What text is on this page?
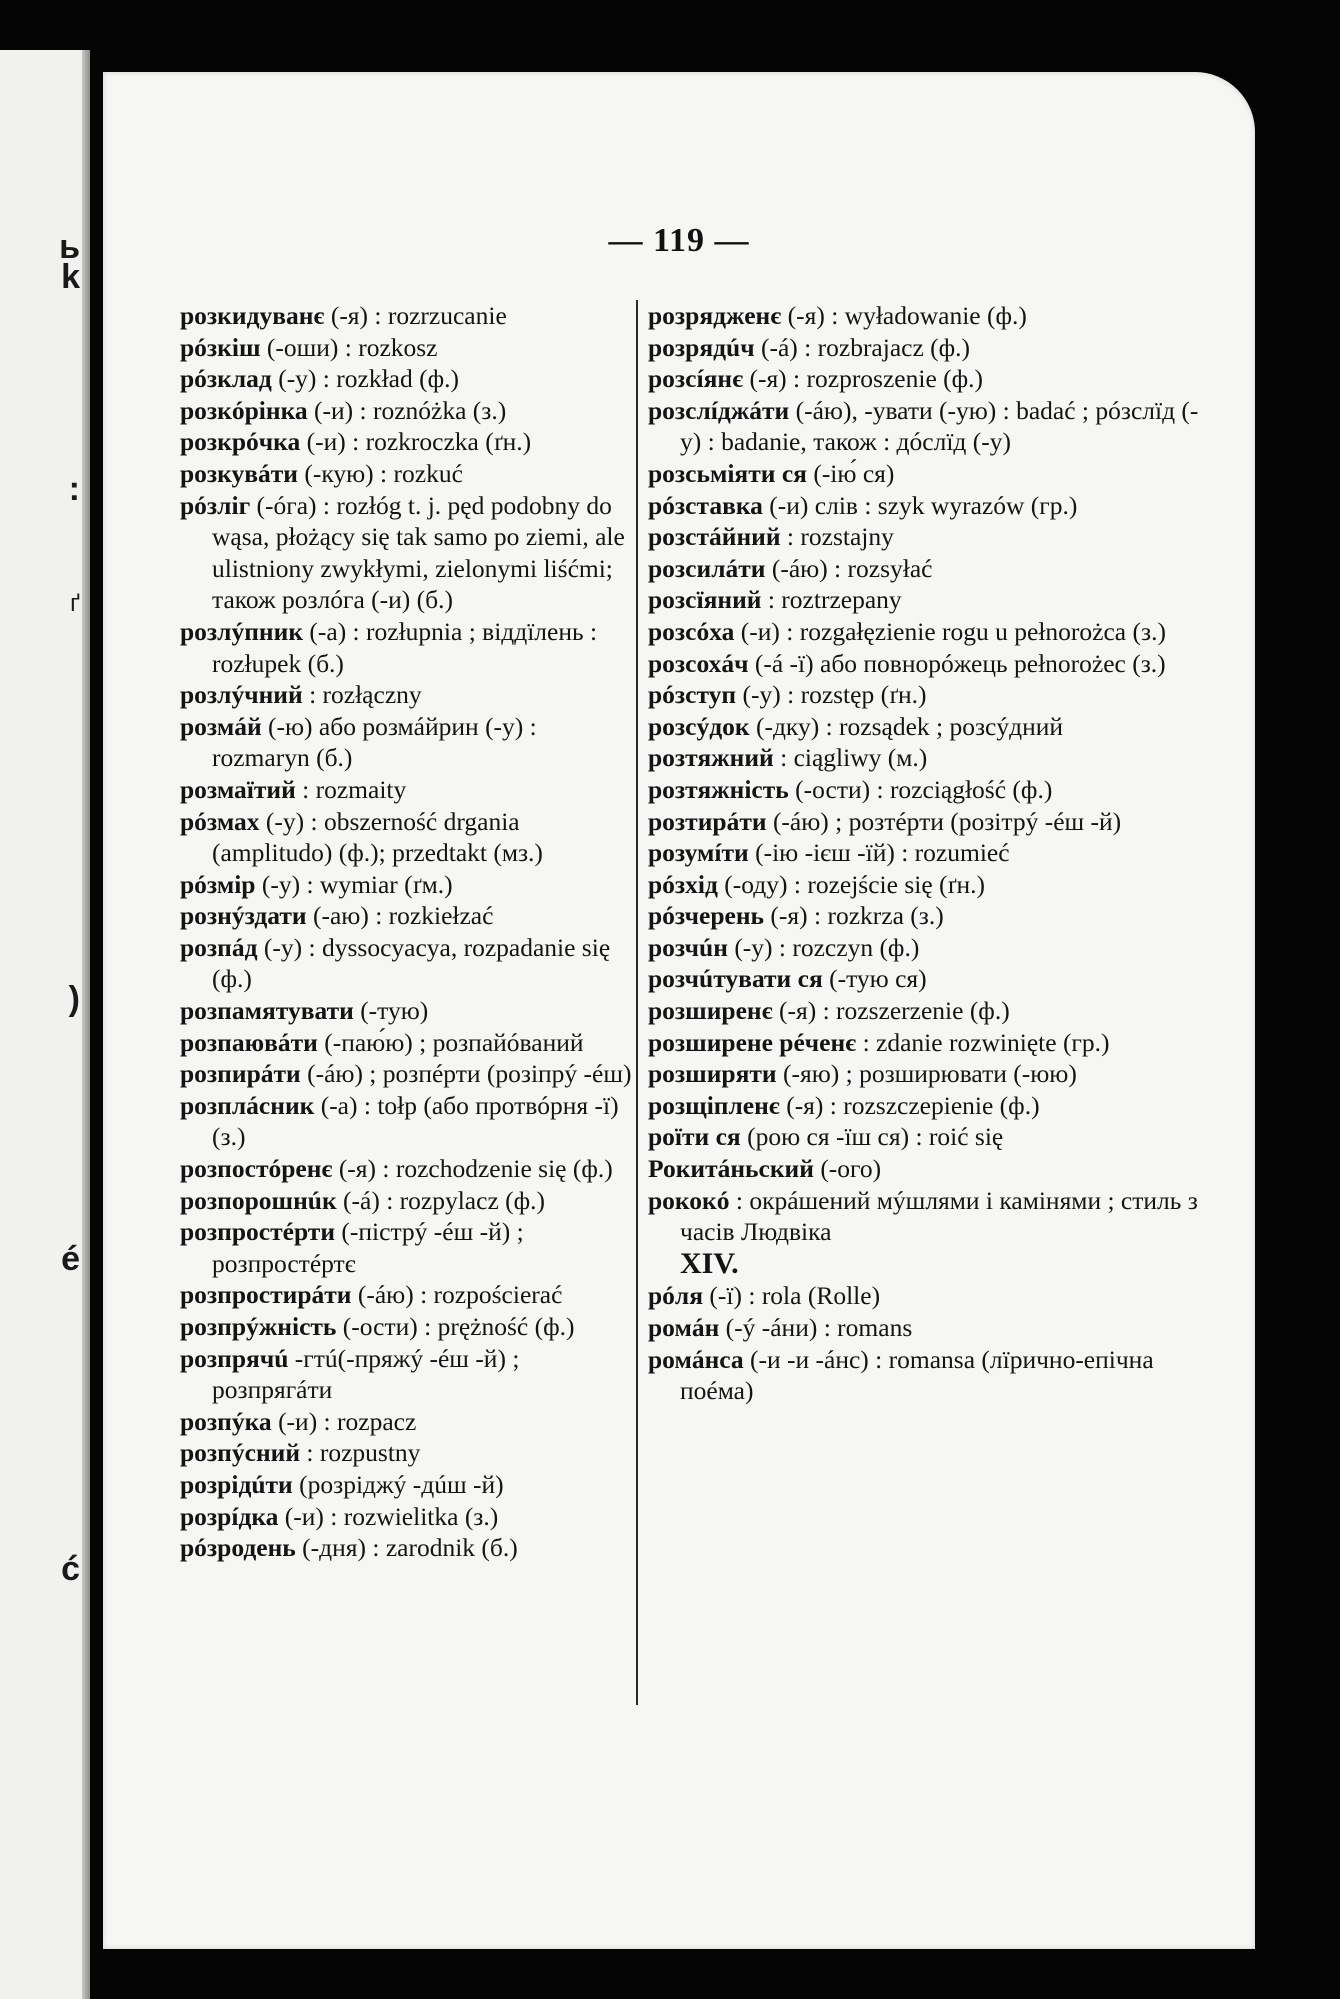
ь
k
:
ґ
)
é
ć
— 119 —

розкидуванє (-я) : rozrzucanie

рóзкіш (-оши) : rozkosz

рóзклад (-у) : rozkład (ф.)

розкóрінка (-и) : roznóżka (з.)

розкрóчка (-и) : rozkroczka (ґн.)

розкувáти (-кую) : rozkuć

рóзліг (-óга) : rozłóg t. j. pęd podobny do wąsa, płożący się tak samo po ziemi, ale ulistniony zwykłymi, zielonymi liśćmi; також розлóга (-и) (б.)

розлýпник (-а) : rozłupnia ; віддїлень : rozłupek (б.)

розлýчний : rozłączny

розмáй (-ю) або розмáйрин (-у) : rozmaryn (б.)

розмаїтий : rozmaity

рóзмах (-у) : obszerność drgania (amplitudo) (ф.); przedtakt (мз.)

рóзмір (-у) : wymiar (ґм.)

рознýздати (-аю) : rozkiełzać

розпáд (-у) : dyssocyacya, rozpadanie się (ф.)

розпамятувати (-тую)

розпаювáти (-паю́ю) ; розпайóваний

розпирáти (-áю) ; розпéрти (розіпрý -éш)

розплáсник (-а) : tołp (або протвóрня -ї) (з.)

розпостóренє (-я) : rozchodzenie się (ф.)

розпорошнúк (-á) : rozpylacz (ф.)

розпростéрти (-пістрý -éш -й) ; розпростéртє

розпростирáти (-áю) : rozpościerać

розпрýжність (-ости) : prężność (ф.)

розпрячú -гтú(-пряжý -éш -й) ; розпрягáти

розпýка (-и) : rozpacz

розпýсний : rozpustny

розрідúти (розріджý -дúш -й)

розрíдка (-и) : rozwielitka (з.)

рóзродень (-дня) : zarodnik (б.)

розрядженє (-я) : wyładowanie (ф.)

розрядúч (-á) : rozbrajacz (ф.)

розсíянє (-я) : rozproszenie (ф.)

розслíджáти (-áю), -увати (-ую) : badać ; рóзслїд (-у) : badanie, також : дóслїд (-у)

розсьміяти ся (-ію́ ся)

рóзставка (-и) слів : szyk wyrazów (гр.)

розстáйний : rozstajny

розсилáти (-áю) : rozsyłać

розсїяний : roztrzepany

розсóха (-и) : rozgałęzienie rogu u pełnorożca (з.)

розсохáч (-á -ї) або повнорóжець pełnorożec (з.)

рóзступ (-у) : rozstęp (ґн.)

розсýдок (-дку) : rozsądek ; розсýдний

розтяжний : ciągliwy (м.)

розтяжність (-ости) : rozciągłość (ф.)

розтирáти (-áю) ; розтéрти (розітрý -éш -й)

розумíти (-ію -ієш -їй) : rozumieć

рóзхід (-оду) : rozejście się (ґн.)

рóзчерень (-я) : rozkrza (з.)

розчúн (-у) : rozczyn (ф.)

розчúтувати ся (-тую ся)

розширенє (-я) : rozszerzenie (ф.)

розширене рéченє : zdanie rozwinięte (гр.)

розширяти (-яю) ; розширювати (-юю)

розщіпленє (-я) : rozszczepienie (ф.)

роїти ся (рою ся -їш ся) : roić się

Рокитáньский (-ого)

рококó : окрáшений мýшлями і камінями ; стиль з часів Людвіка
XIV.

рóля (-ї) : rola (Rolle)

ромáн (-ý -áни) : romans

ромáнса (-и -и -áнс) : romansa (лїрично-епічна поéма)
